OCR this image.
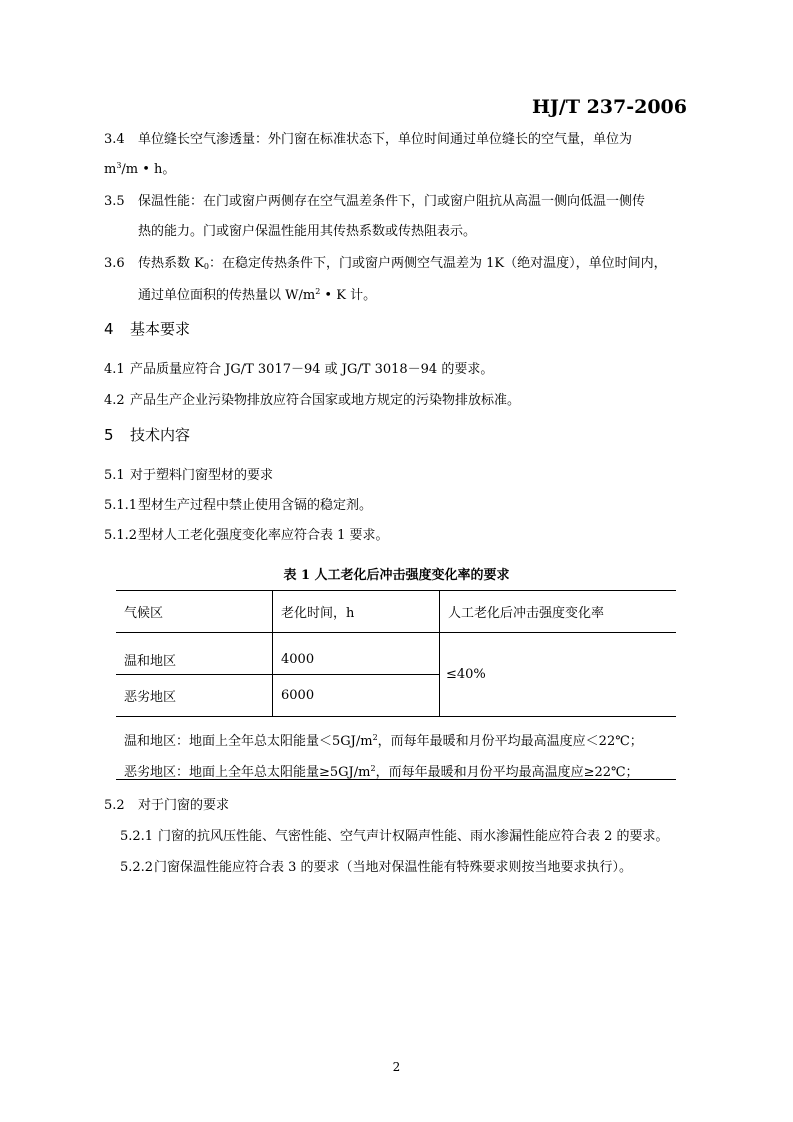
HJ/T 237-2006
3.4 单位缝长空气渗透量：外门窗在标准状态下，单位时间通过单位缝长的空气量，单位为
$m^3/m$ • h。
3.5 保温性能：在门或窗户两侧存在空气温差条件下，门或窗户阻抗从高温一侧向低温一侧传
热的能力。门或窗户保温性能用其传热系数或传热阻表示。
3.6 传热系数 $K_0$：在稳定传热条件下，门或窗户两侧空气温差为 1K（绝对温度），单位时间内，
通过单位面积的传热量以 $W/m^2$ • K 计。
4 基本要求
4.1 产品质量应符合 JG/T 3017－94 或 JG/T 3018－94 的要求。
4.2 产品生产企业污染物排放应符合国家或地方规定的污染物排放标准。
5 技术内容
5.1 对于塑料门窗型材的要求
5.1.1型材生产过程中禁止使用含镉的稳定剂。
5.1.2型材人工老化强度变化率应符合表 1 要求。
表 1 人工老化后冲击强度变化率的要求
气候区	老化时间，h	人工老化后冲击强度变化率
温和地区	4000	≤40%
恶劣地区	6000	
温和地区：地面上全年总太阳能量$<5GJ/m^2$，而每年最暖和月份平均最高温度应＜22℃；
恶劣地区：地面上全年总太阳能量$\ge 5GJ/m^2$，而每年最暖和月份平均最高温度应≥22℃；
5.2 对于门窗的要求
5.2.1 门窗的抗风压性能、气密性能、空气声计权隔声性能、雨水渗漏性能应符合表 2 的要求。
5.2.2门窗保温性能应符合表 3 的要求（当地对保温性能有特殊要求则按当地要求执行）。
2
